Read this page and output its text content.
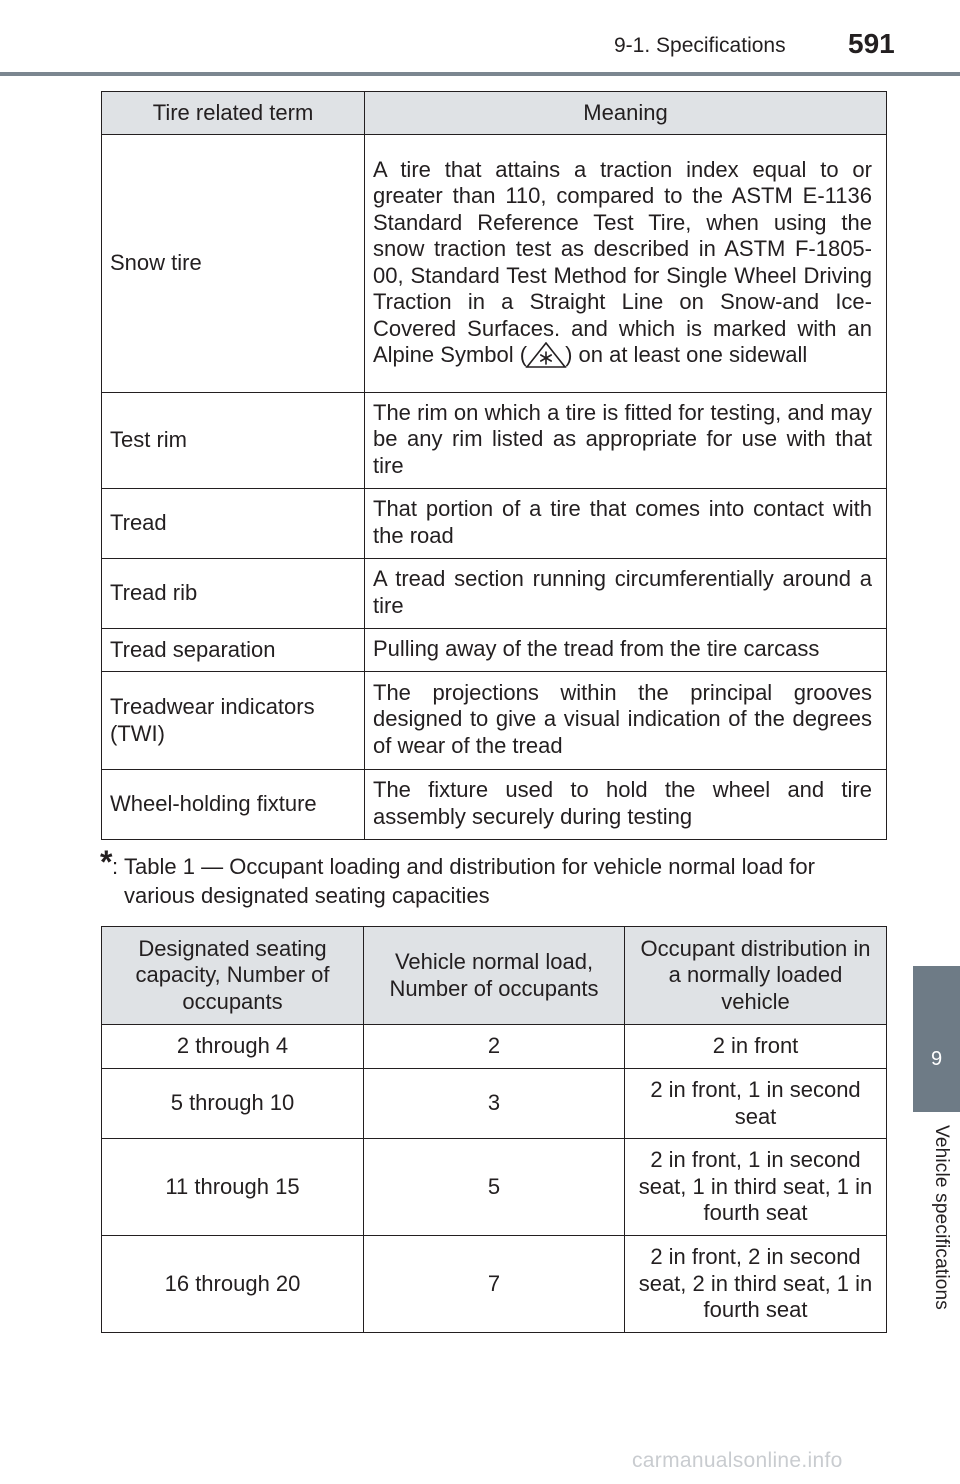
9-1. Specifications 591
9
Vehicle specifications
Tire related term	Meaning
Snow tire	A tire that attains a traction index equal to or greater than 110, compared to the ASTM E-1136 Standard Reference Test Tire, when using the snow traction test as described in ASTM F-1805-00, Standard Test Method for Single Wheel Driving Traction in a Straight Line on Snow-and Ice-Covered Surfaces. and which is marked with an Alpine Symbol ( ) on at least one sidewall
Test rim	The rim on which a tire is fitted for testing, and may be any rim listed as appropriate for use with that tire
Tread	That portion of a tire that comes into contact with the road
Tread rib	A tread section running circumferentially around a tire
Tread separation	Pulling away of the tread from the tire carcass
Treadwear indicators (TWI)	The projections within the principal grooves designed to give a visual indication of the degrees of wear of the tread
Wheel-holding fixture	The fixture used to hold the wheel and tire assembly securely during testing
* : Table 1 — Occupant loading and distribution for vehicle normal load for various designated seating capacities
Designated seating capacity, Number of occupants	Vehicle normal load, Number of occupants	Occupant distribution in a normally loaded vehicle
2 through 4	2	2 in front
5 through 10	3	2 in front, 1 in second seat
11 through 15	5	2 in front, 1 in second seat, 1 in third seat, 1 in fourth seat
16 through 20	7	2 in front, 2 in second seat, 2 in third seat, 1 in fourth seat
carmanualsonline.info
